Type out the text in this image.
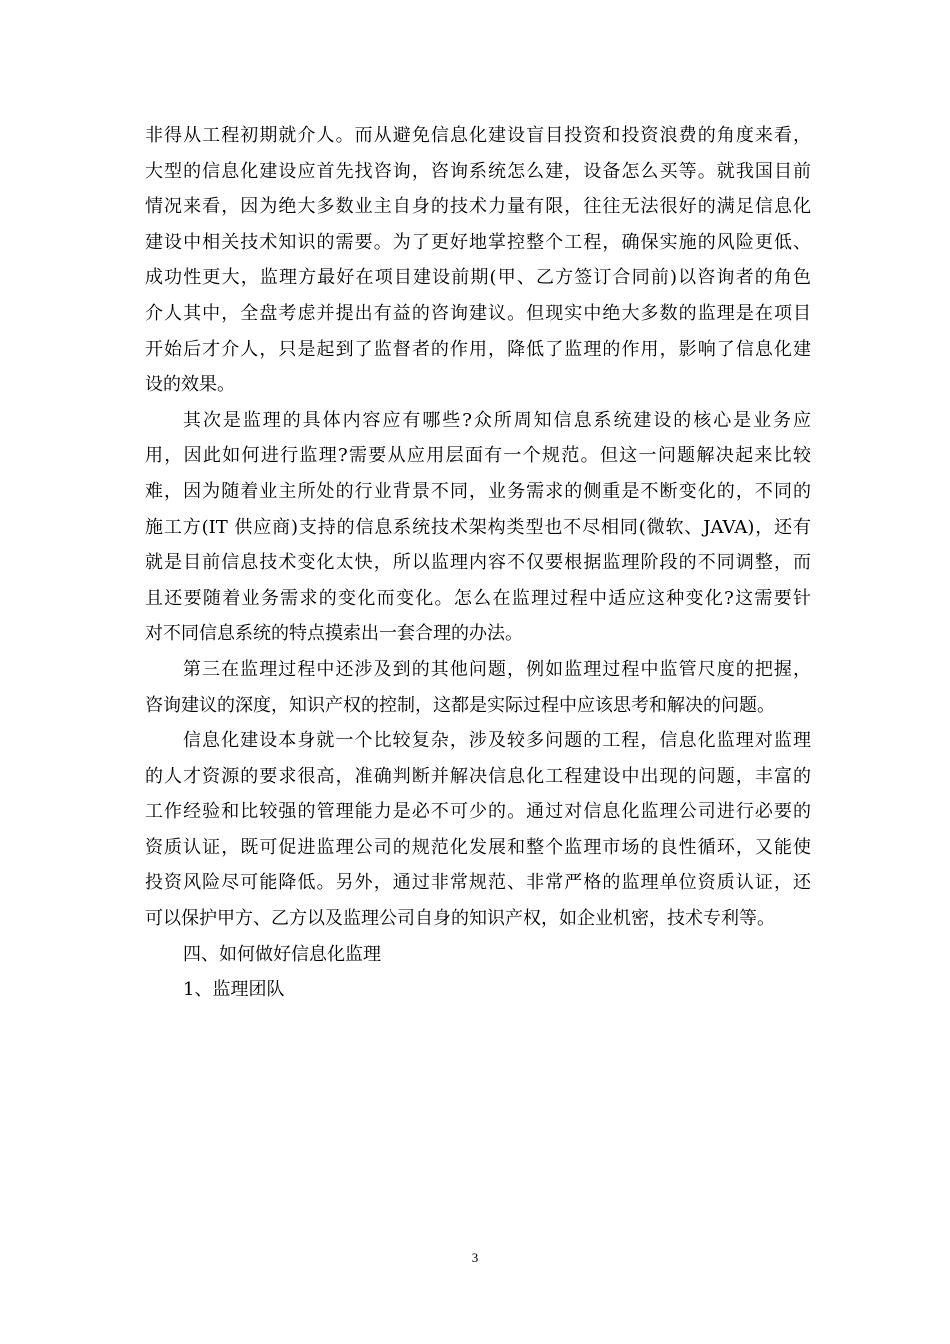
非得从工程初期就介人。而从避免信息化建设盲目投资和投资浪费的角度来看，
大型的信息化建设应首先找咨询，咨询系统怎么建，设备怎么买等。就我国目前
情况来看，因为绝大多数业主自身的技术力量有限，往往无法很好的满足信息化
建设中相关技术知识的需要。为了更好地掌控整个工程，确保实施的风险更低、
成功性更大，监理方最好在项目建设前期(甲、乙方签订合同前)以咨询者的角色
介人其中，全盘考虑并提出有益的咨询建议。但现实中绝大多数的监理是在项目
开始后才介人，只是起到了监督者的作用，降低了监理的作用，影响了信息化建
设的效果。
其次是监理的具体内容应有哪些?众所周知信息系统建设的核心是业务应
用，因此如何进行监理?需要从应用层面有一个规范。但这一问题解决起来比较
难，因为随着业主所处的行业背景不同，业务需求的侧重是不断变化的，不同的
施工方(IT 供应商)支持的信息系统技术架构类型也不尽相同(微软、JAVA)，还有
就是目前信息技术变化太快，所以监理内容不仅要根据监理阶段的不同调整，而
且还要随着业务需求的变化而变化。怎么在监理过程中适应这种变化?这需要针
对不同信息系统的特点摸索出一套合理的办法。
第三在监理过程中还涉及到的其他问题，例如监理过程中监管尺度的把握，
咨询建议的深度，知识产权的控制，这都是实际过程中应该思考和解决的问题。
信息化建设本身就一个比较复杂，涉及较多问题的工程，信息化监理对监理
的人才资源的要求很高，准确判断并解决信息化工程建设中出现的问题，丰富的
工作经验和比较强的管理能力是必不可少的。通过对信息化监理公司进行必要的
资质认证，既可促进监理公司的规范化发展和整个监理市场的良性循环，又能使
投资风险尽可能降低。另外，通过非常规范、非常严格的监理单位资质认证，还
可以保护甲方、乙方以及监理公司自身的知识产权，如企业机密，技术专利等。
四、如何做好信息化监理
1、监理团队
3
